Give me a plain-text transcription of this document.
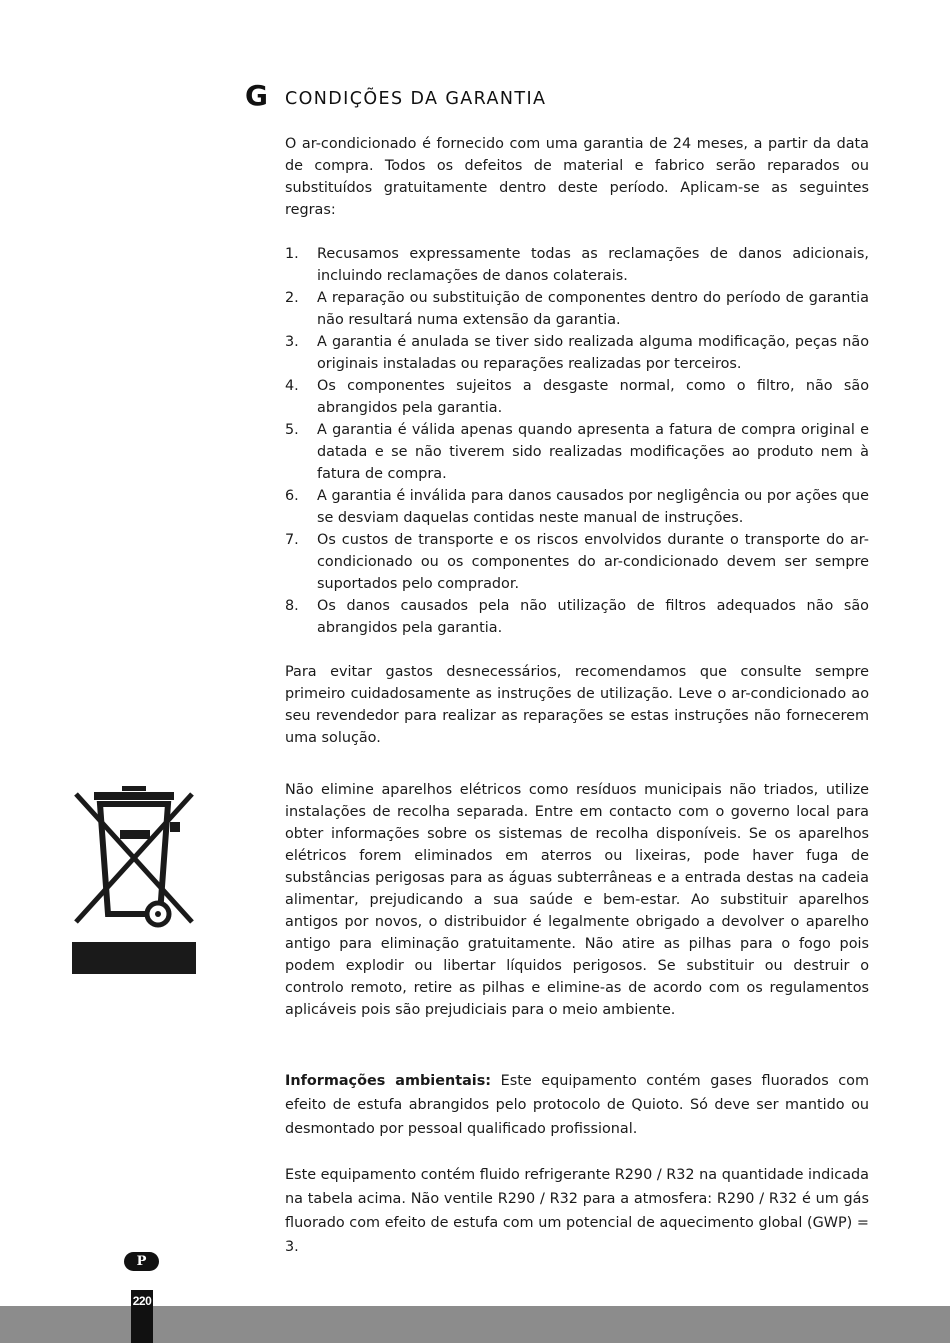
G CONDIÇÕES DA GARANTIA

O ar-condicionado é fornecido com uma garantia de 24 meses, a partir da data de compra. Todos os defeitos de material e fabrico serão reparados ou substituídos gratuitamente dentro deste período. Aplicam-se as seguintes regras:

1.	Recusamos expressamente todas as reclamações de danos adicionais, incluindo reclamações de danos colaterais.
2.	A reparação ou substituição de componentes dentro do período de garantia não resultará numa extensão da garantia.
3.	A garantia é anulada se tiver sido realizada alguma modificação, peças não originais instaladas ou reparações realizadas por terceiros.
4.	Os componentes sujeitos a desgaste normal, como o filtro, não são abrangidos pela garantia.
5.	A garantia é válida apenas quando apresenta a fatura de compra original e datada e se não tiverem sido realizadas modificações ao produto nem à fatura de compra.
6.	A garantia é inválida para danos causados por negligência ou por ações que se desviam daquelas contidas neste manual de instruções.
7.	Os custos de transporte e os riscos envolvidos durante o transporte do ar-condicionado ou os componentes do ar-condicionado devem ser sempre suportados pelo comprador.
8.	Os danos causados pela não utilização de filtros adequados não são abrangidos pela garantia.

Para evitar gastos desnecessários, recomendamos que consulte sempre primeiro cuidadosamente as instruções de utilização. Leve o ar-condicionado ao seu revendedor para realizar as reparações se estas instruções não fornecerem uma solução.

Não elimine aparelhos elétricos como resíduos municipais não triados, utilize instalações de recolha separada. Entre em contacto com o governo local para obter informações sobre os sistemas de recolha disponíveis. Se os aparelhos elétricos forem eliminados em aterros ou lixeiras, pode haver fuga de substâncias perigosas para as águas subterrâneas e a entrada destas na cadeia alimentar, prejudicando a sua saúde e bem-estar. Ao substituir aparelhos antigos por novos, o distribuidor é legalmente obrigado a devolver o aparelho antigo para eliminação gratuitamente. Não atire as pilhas para o fogo pois podem explodir ou libertar líquidos perigosos. Se substituir ou destruir o controlo remoto, retire as pilhas e elimine-as de acordo com os regulamentos aplicáveis pois são prejudiciais para o meio ambiente.

Informações ambientais: Este equipamento contém gases fluorados com efeito de estufa abrangidos pelo protocolo de Quioto. Só deve ser mantido ou desmontado por pessoal qualificado profissional.

Este equipamento contém fluido refrigerante R290 / R32 na quantidade indicada na tabela acima. Não ventile R290 / R32 para a atmosfera: R290 / R32 é um gás fluorado com efeito de estufa com um potencial de aquecimento global (GWP) = 3.

P
220
